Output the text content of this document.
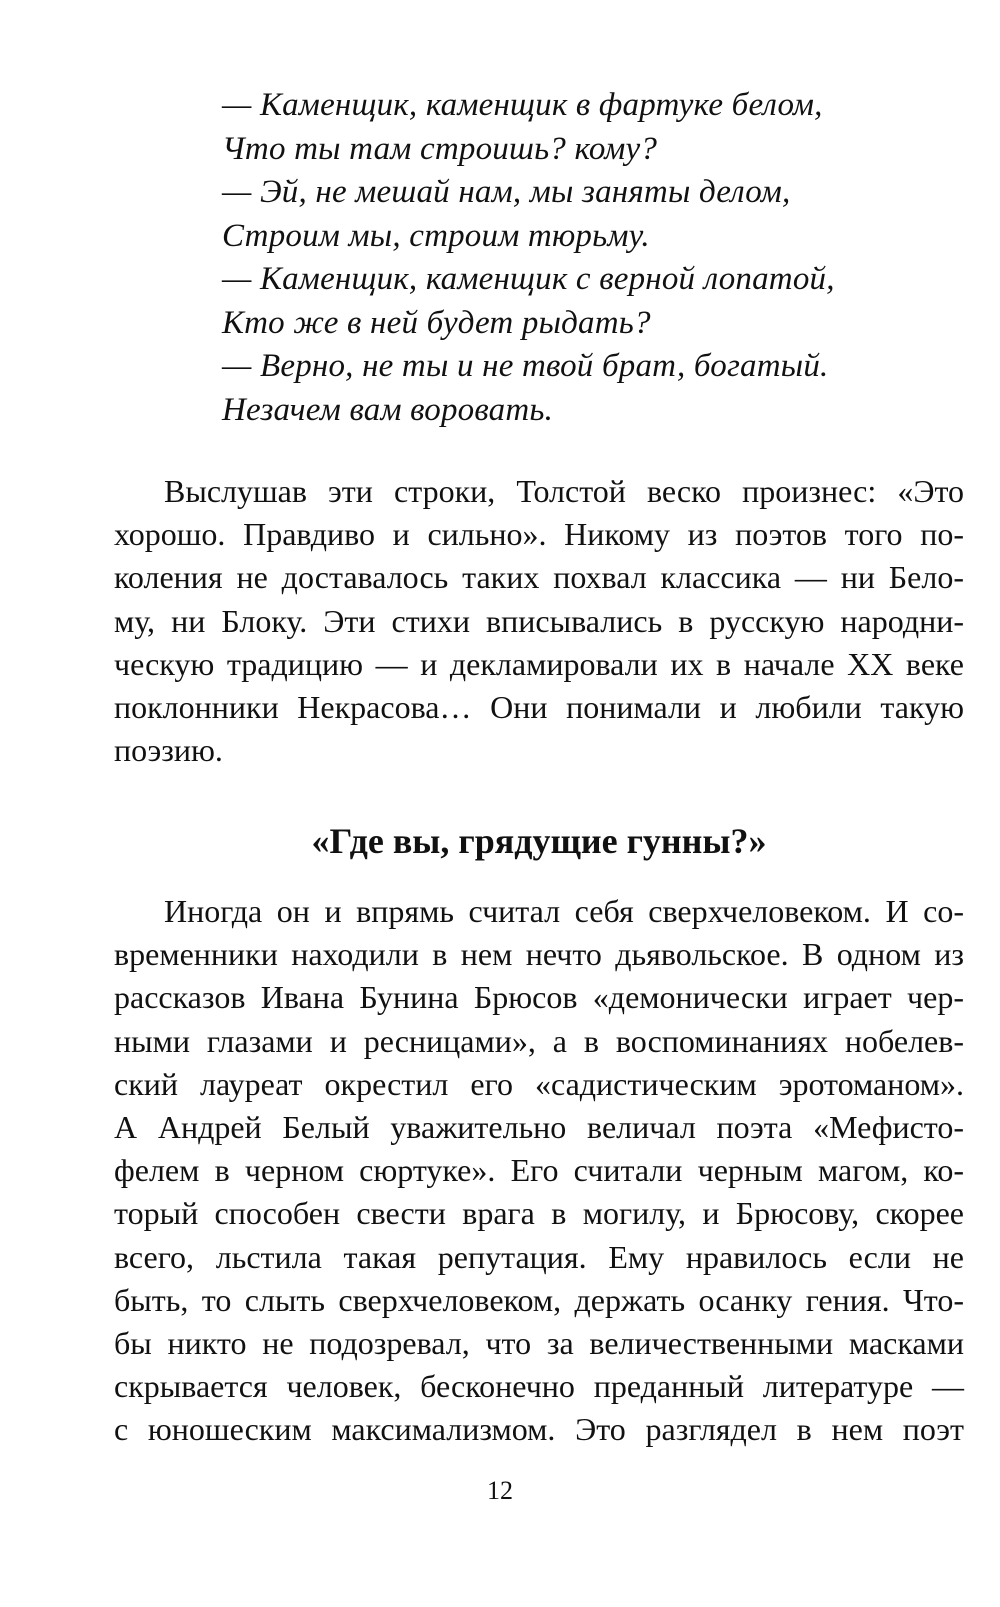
— Каменщик, каменщик в фартуке белом,
Что ты там строишь? кому?
— Эй, не мешай нам, мы заняты делом,
Строим мы, строим тюрьму.
— Каменщик, каменщик с верной лопатой,
Кто же в ней будет рыдать?
— Верно, не ты и не твой брат, богатый.
Незачем вам воровать.
Выслушав эти строки, Толстой веско произнес: «Это
хорошо. Правдиво и сильно». Никому из поэтов того по-
коления не доставалось таких похвал классика — ни Бело-
му, ни Блоку. Эти стихи вписывались в русскую народни-
ческую традицию — и декламировали их в начале XX веке
поклонники Некрасова… Они понимали и любили такую
поэзию.
«Где вы, грядущие гунны?»
Иногда он и впрямь считал себя сверхчеловеком. И со-
временники находили в нем нечто дьявольское. В одном из
рассказов Ивана Бунина Брюсов «демонически играет чер-
ными глазами и ресницами», а в воспоминаниях нобелев-
ский лауреат окрестил его «садистическим эротоманом».
А Андрей Белый уважительно величал поэта «Мефисто-
фелем в черном сюртуке». Его считали черным магом, ко-
торый способен свести врага в могилу, и Брюсову, скорее
всего, льстила такая репутация. Ему нравилось если не
быть, то слыть сверхчеловеком, держать осанку гения. Что-
бы никто не подозревал, что за величественными масками
скрывается человек, бесконечно преданный литературе —
с юношеским максимализмом. Это разглядел в нем поэт
12
